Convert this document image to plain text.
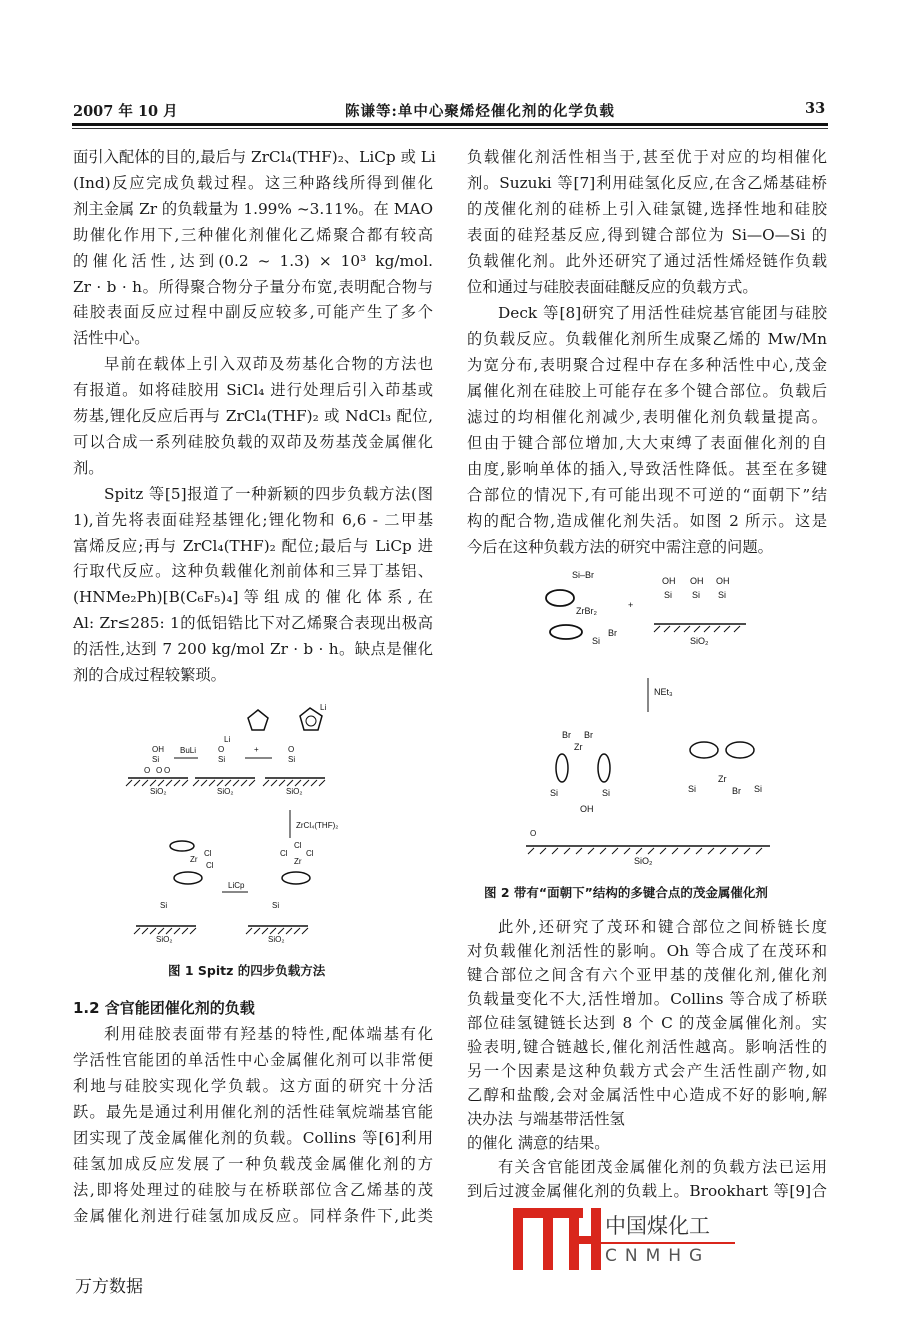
2007 年 10 月	陈谦等:单中心聚烯烃催化剂的化学负载	33
面引入配体的目的,最后与 ZrCl₄(THF)₂、LiCp 或 Li
(Ind)反应完成负载过程。这三种路线所得到催化
剂主金属 Zr 的负载量为 1.99% ~3.11%。在 MAO
助催化作用下,三种催化剂催化乙烯聚合都有较高
的催化活性,达到(0.2 ~ 1.3) × 10³ kg/mol.
Zr · b · h。所得聚合物分子量分布宽,表明配合物与
硅胶表面反应过程中副反应较多,可能产生了多个
活性中心。
早前在载体上引入双茚及芴基化合物的方法也
有报道。如将硅胶用 SiCl₄ 进行处理后引入茚基或
芴基,锂化反应后再与 ZrCl₄(THF)₂ 或 NdCl₃ 配位,
可以合成一系列硅胶负载的双茚及芴基茂金属催化
剂。
Spitz 等[5]报道了一种新颖的四步负载方法(图
1),首先将表面硅羟基锂化;锂化物和 6,6 - 二甲基
富烯反应;再与 ZrCl₄(THF)₂ 配位;最后与 LiCp 进
行取代反应。这种负载催化剂前体和三异丁基铝、
(HNMe₂Ph)[B(C₆F₅)₄]等组成的催化体系,在
Al: Zr≤285: 1的低铝锆比下对乙烯聚合表现出极高
的活性,达到 7 200 kg/mol Zr · b · h。缺点是催化
剂的合成过程较繁琐。
利用硅胶表面带有羟基的特性,配体端基有化
学活性官能团的单活性中心金属催化剂可以非常便
利地与硅胶实现化学负载。这方面的研究十分活
跃。最先是通过利用催化剂的活性硅氧烷端基官能
团实现了茂金属催化剂的负载。Collins 等[6]利用
硅氢加成反应发展了一种负载茂金属催化剂的方
法,即将处理过的硅胶与在桥联部位含乙烯基的茂
金属催化剂进行硅氢加成反应。同样条件下,此类
负载催化剂活性相当于,甚至优于对应的均相催化
剂。Suzuki 等[7]利用硅氢化反应,在含乙烯基硅桥
的茂催化剂的硅桥上引入硅氯键,选择性地和硅胶
表面的硅羟基反应,得到键合部位为 Si—O—Si 的
负载催化剂。此外还研究了通过活性烯烃链作负载
位和通过与硅胶表面硅醚反应的负载方式。
Deck 等[8]研究了用活性硅烷基官能团与硅胶
的负载反应。负载催化剂所生成聚乙烯的 Mw/Mn
为宽分布,表明聚合过程中存在多种活性中心,茂金
属催化剂在硅胶上可能存在多个键合部位。负载后
滤过的均相催化剂减少,表明催化剂负载量提高。
但由于键合部位增加,大大束缚了表面催化剂的自
由度,影响单体的插入,导致活性降低。甚至在多键
合部位的情况下,有可能出现不可逆的“面朝下”结
构的配合物,造成催化剂失活。如图 2 所示。这是
今后在这种负载方法的研究中需注意的问题。
此外,还研究了茂环和键合部位之间桥链长度
对负载催化剂活性的影响。Oh 等合成了在茂环和
键合部位之间含有六个亚甲基的茂催化剂,催化剂
负载量变化不大,活性增加。Collins 等合成了桥联
部位硅氢键链长达到 8 个 C 的茂金属催化剂。实
验表明,键合链越长,催化剂活性越高。影响活性的
另一个因素是这种负载方式会产生活性副产物,如
乙醇和盐酸,会对金属活性中心造成不好的影响,解
决办法 与端基带活性氢
的催化 满意的结果。
有关含官能团茂金属催化剂的负载方法已运用
到后过渡金属催化剂的负载上。Brookhart 等[9]合
1.2 含官能团催化剂的负载
OH
Si
O O O
SiO₂
BuLi
Li
O
Si
SiO₂
+
Li
O
Si
SiO₂
ZrCl₄(THF)₂
Cl
Cl Cl
Zr
Si
SiO₂
LiCp
Zr
Cl
Cl
Si
SiO₂
图 1 Spitz 的四步负载方法
Si–Br
ZrBr₂
Si
Br
+
OH OH OH
Si Si Si
SiO₂
NEt₃
Br Br
Zr
Si	Si
OH
Zr
Br
Si	Si
O
SiO₂
图 2 带有“面朝下”结构的多键合点的茂金属催化剂
中国煤化工
CNMHG
万方数据
